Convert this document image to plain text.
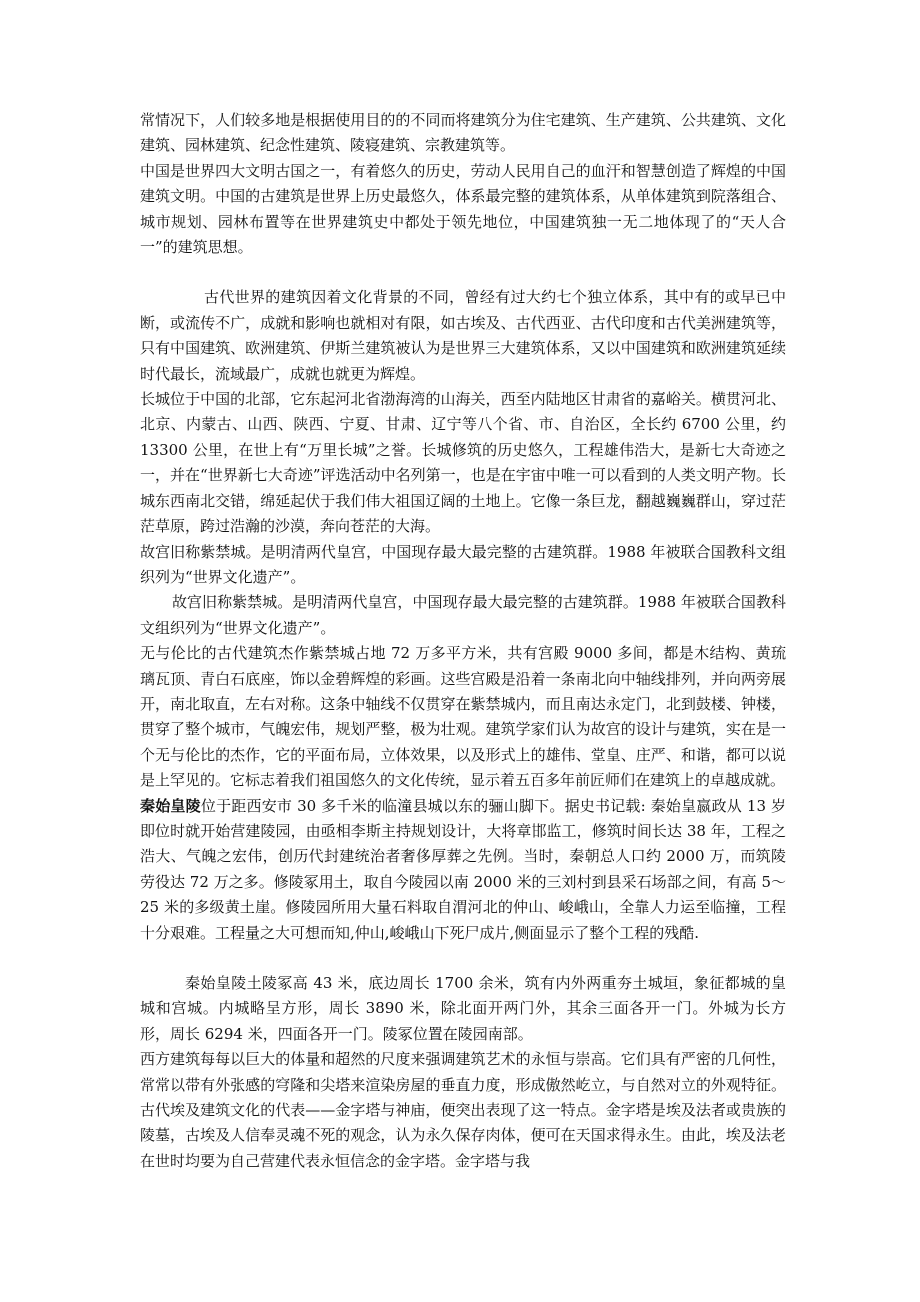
常情况下，人们较多地是根据使用目的的不同而将建筑分为住宅建筑、生产建筑、公共建筑、文化建筑、园林建筑、纪念性建筑、陵寝建筑、宗教建筑等。

中国是世界四大文明古国之一，有着悠久的历史，劳动人民用自己的血汗和智慧创造了辉煌的中国建筑文明。中国的古建筑是世界上历史最悠久，体系最完整的建筑体系，从单体建筑到院落组合、城市规划、园林布置等在世界建筑史中都处于领先地位，中国建筑独一无二地体现了的“天人合一”的建筑思想。

古代世界的建筑因着文化背景的不同，曾经有过大约七个独立体系，其中有的或早已中断，或流传不广，成就和影响也就相对有限，如古埃及、古代西亚、古代印度和古代美洲建筑等，只有中国建筑、欧洲建筑、伊斯兰建筑被认为是世界三大建筑体系，又以中国建筑和欧洲建筑延续时代最长，流域最广，成就也就更为辉煌。

长城位于中国的北部，它东起河北省渤海湾的山海关，西至内陆地区甘肃省的嘉峪关。横贯河北、北京、内蒙古、山西、陕西、宁夏、甘肃、辽宁等八个省、市、自治区，全长约 6700 公里，约 13300 公里，在世上有“万里长城”之誉。长城修筑的历史悠久，工程雄伟浩大，是新七大奇迹之一，并在“世界新七大奇迹”评选活动中名列第一，也是在宇宙中唯一可以看到的人类文明产物。长城东西南北交错，绵延起伏于我们伟大祖国辽阔的土地上。它像一条巨龙，翻越巍巍群山，穿过茫茫草原，跨过浩瀚的沙漠，奔向苍茫的大海。

故宫旧称紫禁城。是明清两代皇宫，中国现存最大最完整的古建筑群。1988 年被联合国教科文组织列为“世界文化遗产”。

故宫旧称紫禁城。是明清两代皇宫，中国现存最大最完整的古建筑群。1988 年被联合国教科文组织列为“世界文化遗产”。

无与伦比的古代建筑杰作紫禁城占地 72 万多平方米，共有宫殿 9000 多间，都是木结构、黄琉璃瓦顶、青白石底座，饰以金碧辉煌的彩画。这些宫殿是沿着一条南北向中轴线排列，并向两旁展开，南北取直，左右对称。这条中轴线不仅贯穿在紫禁城内，而且南达永定门，北到鼓楼、钟楼，贯穿了整个城市，气魄宏伟，规划严整，极为壮观。建筑学家们认为故宫的设计与建筑，实在是一个无与伦比的杰作，它的平面布局，立体效果，以及形式上的雄伟、堂皇、庄严、和谐，都可以说是上罕见的。它标志着我们祖国悠久的文化传统，显示着五百多年前匠师们在建筑上的卓越成就。

秦始皇陵位于距西安市 30 多千米的临潼县城以东的骊山脚下。据史书记载: 秦始皇嬴政从 13 岁即位时就开始营建陵园，由亟相李斯主持规划设计，大将章邯监工，修筑时间长达 38 年，工程之浩大、气魄之宏伟，创历代封建统治者奢侈厚葬之先例。当时，秦朝总人口约 2000 万，而筑陵劳役达 72 万之多。修陵冢用土，取自今陵园以南 2000 米的三刘村到县采石场部之间，有高 5～25 米的多级黄土崖。修陵园所用大量石料取自渭河北的仲山、峻峨山，全靠人力运至临撞，工程十分艰难。工程量之大可想而知,仲山,峻峨山下死尸成片,侧面显示了整个工程的残酷.

秦始皇陵土陵冢高 43 米，底边周长 1700 余米，筑有内外两重夯土城垣，象征都城的皇城和宫城。内城略呈方形，周长 3890 米，除北面开两门外，其余三面各开一门。外城为长方 形，周长 6294 米，四面各开一门。陵冢位置在陵园南部。

西方建筑每每以巨大的体量和超然的尺度来强调建筑艺术的永恒与崇高。它们具有严密的几何性，常常以带有外张感的穹隆和尖塔来渲染房屋的垂直力度，形成傲然屹立，与自然对立的外观特征。古代埃及建筑文化的代表——金字塔与神庙，便突出表现了这一特点。金字塔是埃及法者或贵族的陵墓，古埃及人信奉灵魂不死的观念，认为永久保存肉体，便可在天国求得永生。由此，埃及法老在世时均要为自己营建代表永恒信念的金字塔。金字塔与我
